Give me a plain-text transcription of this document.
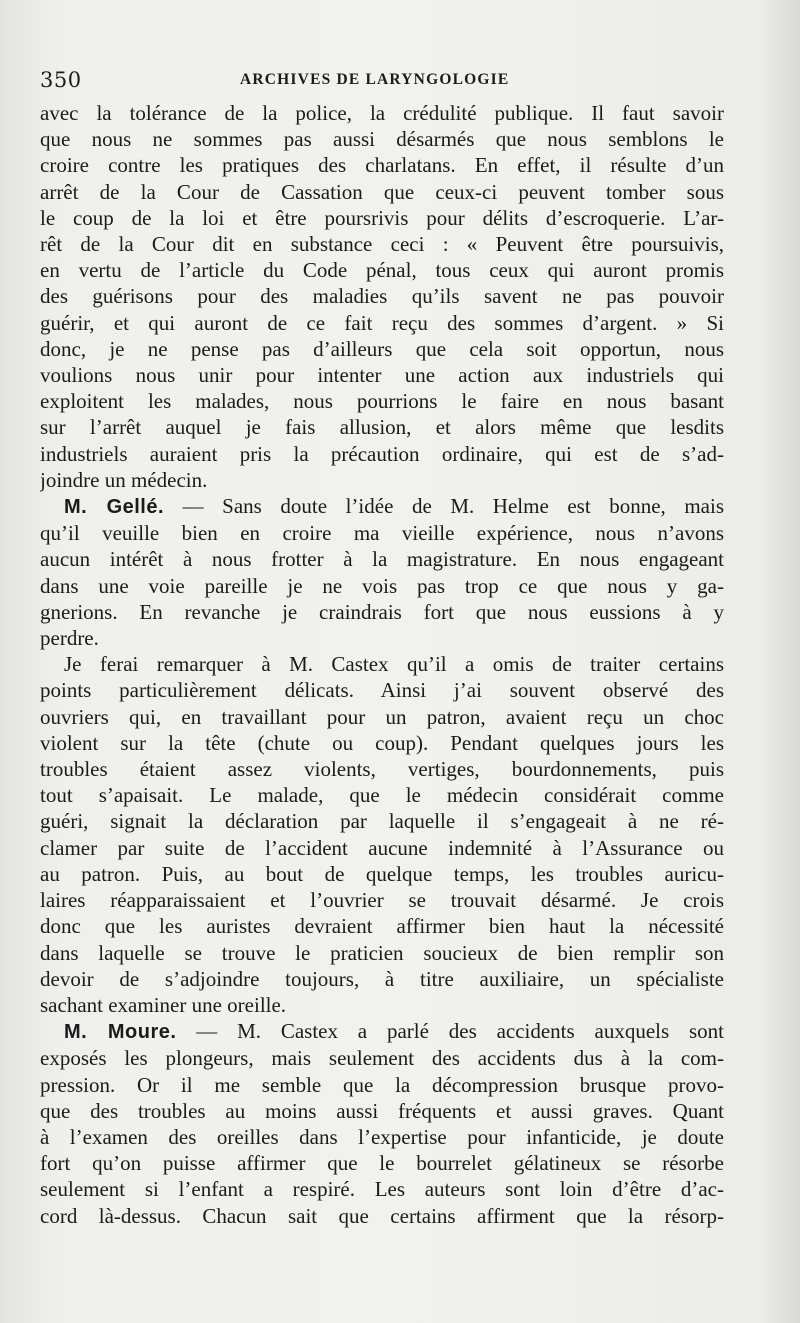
350	ARCHIVES DE LARYNGOLOGIE

avec la tolérance de la police, la crédulité publique. Il faut savoir
que nous ne sommes pas aussi désarmés que nous semblons le
croire contre les pratiques des charlatans. En effet, il résulte d’un
arrêt de la Cour de Cassation que ceux-ci peuvent tomber sous
le coup de la loi et être poursrivis pour délits d’escroquerie. L’ar-
rêt de la Cour dit en substance ceci : « Peuvent être poursuivis,
en vertu de l’article du Code pénal, tous ceux qui auront promis
des guérisons pour des maladies qu’ils savent ne pas pouvoir
guérir, et qui auront de ce fait reçu des sommes d’argent. » Si
donc, je ne pense pas d’ailleurs que cela soit opportun, nous
voulions nous unir pour intenter une action aux industriels qui
exploitent les malades, nous pourrions le faire en nous basant
sur l’arrêt auquel je fais allusion, et alors même que lesdits
industriels auraient pris la précaution ordinaire, qui est de s’ad-
joindre un médecin.

M. Gellé. — Sans doute l’idée de M. Helme est bonne, mais
qu’il veuille bien en croire ma vieille expérience, nous n’avons
aucun intérêt à nous frotter à la magistrature. En nous engageant
dans une voie pareille je ne vois pas trop ce que nous y ga-
gnerions. En revanche je craindrais fort que nous eussions à y
perdre.

Je ferai remarquer à M. Castex qu’il a omis de traiter certains
points particulièrement délicats. Ainsi j’ai souvent observé des
ouvriers qui, en travaillant pour un patron, avaient reçu un choc
violent sur la tête (chute ou coup). Pendant quelques jours les
troubles étaient assez violents, vertiges, bourdonnements, puis
tout s’apaisait. Le malade, que le médecin considérait comme
guéri, signait la déclaration par laquelle il s’engageait à ne ré-
clamer par suite de l’accident aucune indemnité à l’Assurance ou
au patron. Puis, au bout de quelque temps, les troubles auricu-
laires réapparaissaient et l’ouvrier se trouvait désarmé. Je crois
donc que les auristes devraient affirmer bien haut la nécessité
dans laquelle se trouve le praticien soucieux de bien remplir son
devoir de s’adjoindre toujours, à titre auxiliaire, un spécialiste
sachant examiner une oreille.

M. Moure. — M. Castex a parlé des accidents auxquels sont
exposés les plongeurs, mais seulement des accidents dus à la com-
pression. Or il me semble que la décompression brusque provo-
que des troubles au moins aussi fréquents et aussi graves. Quant
à l’examen des oreilles dans l’expertise pour infanticide, je doute
fort qu’on puisse affirmer que le bourrelet gélatineux se résorbe
seulement si l’enfant a respiré. Les auteurs sont loin d’être d’ac-
cord là-dessus. Chacun sait que certains affirment que la résorp-
